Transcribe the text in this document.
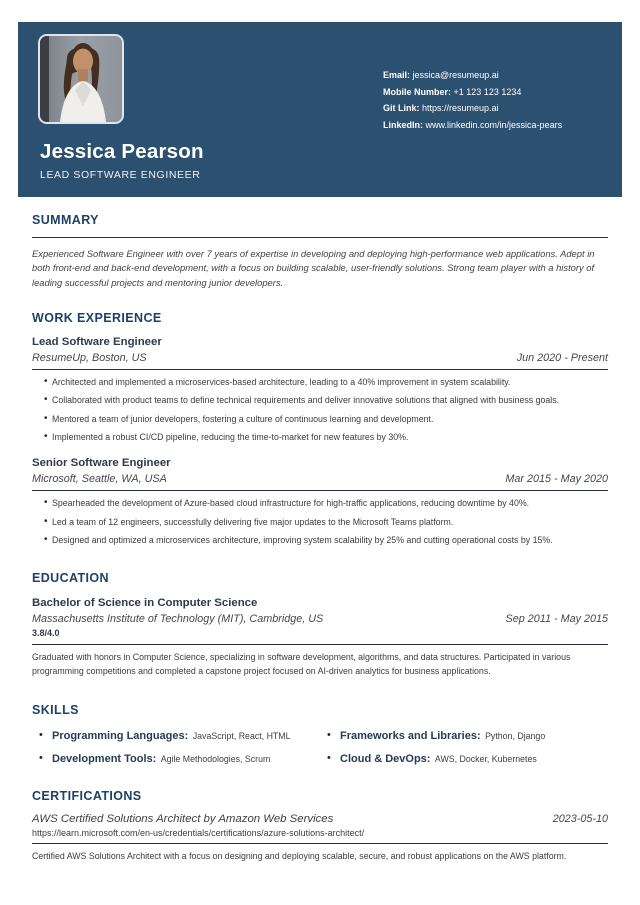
Email: jessica@resumeup.ai
Mobile Number: +1 123 123 1234
Git Link: https://resumeup.ai
LinkedIn: www.linkedin.com/in/jessica-pears
Jessica Pearson
LEAD SOFTWARE ENGINEER
SUMMARY

Experienced Software Engineer with over 7 years of expertise in developing and deploying high-performance web applications. Adept in both front-end and back-end development, with a focus on building scalable, user-friendly solutions. Strong team player with a history of leading successful projects and mentoring junior developers.

WORK EXPERIENCE
Lead Software Engineer
ResumeUp, Boston, US	Jun 2020 - Present
• Architected and implemented a microservices-based architecture, leading to a 40% improvement in system scalability.
• Collaborated with product teams to define technical requirements and deliver innovative solutions that aligned with business goals.
• Mentored a team of junior developers, fostering a culture of continuous learning and development.
• Implemented a robust CI/CD pipeline, reducing the time-to-market for new features by 30%.
Senior Software Engineer
Microsoft, Seattle, WA, USA	Mar 2015 - May 2020
• Spearheaded the development of Azure-based cloud infrastructure for high-traffic applications, reducing downtime by 40%.
• Led a team of 12 engineers, successfully delivering five major updates to the Microsoft Teams platform.
• Designed and optimized a microservices architecture, improving system scalability by 25% and cutting operational costs by 15%.
EDUCATION
Bachelor of Science in Computer Science
Massachusetts Institute of Technology (MIT), Cambridge, US	Sep 2011 - May 2015
3.8/4.0

Graduated with honors in Computer Science, specializing in software development, algorithms, and data structures. Participated in various programming competitions and completed a capstone project focused on AI-driven analytics for business applications.

SKILLS
• Programming Languages: JavaScript, React, HTML	• Frameworks and Libraries: Python, Django
• Development Tools: Agile Methodologies, Scrum	• Cloud & DevOps: AWS, Docker, Kubernetes
CERTIFICATIONS
AWS Certified Solutions Architect by Amazon Web Services	2023-05-10
https://learn.microsoft.com/en-us/credentials/certifications/azure-solutions-architect/

Certified AWS Solutions Architect with a focus on designing and deploying scalable, secure, and robust applications on the AWS platform.
